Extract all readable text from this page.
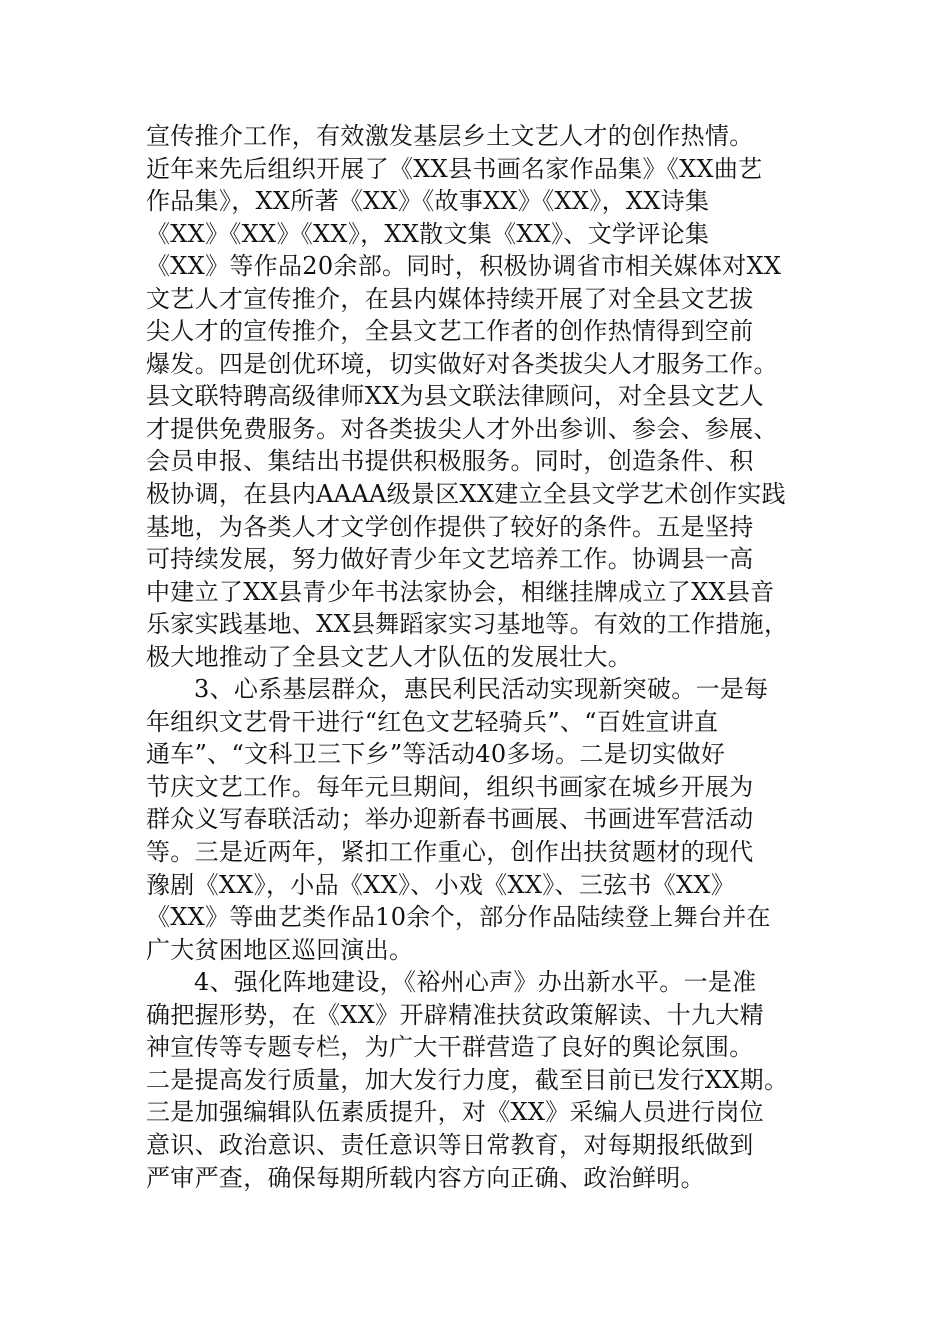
宣传推介工作，有效激发基层乡土文艺人才的创作热情。
近年来先后组织开展了《XX县书画名家作品集》《XX曲艺
作品集》，XX所著《XX》《故事XX》《XX》，XX诗集
《XX》《XX》《XX》，XX散文集《XX》、文学评论集
《XX》等作品20余部。同时，积极协调省市相关媒体对XX
文艺人才宣传推介，在县内媒体持续开展了对全县文艺拔
尖人才的宣传推介，全县文艺工作者的创作热情得到空前
爆发。四是创优环境，切实做好对各类拔尖人才服务工作。
县文联特聘高级律师XX为县文联法律顾问，对全县文艺人
才提供免费服务。对各类拔尖人才外出参训、参会、参展、
会员申报、集结出书提供积极服务。同时，创造条件、积
极协调，在县内AAAA级景区XX建立全县文学艺术创作实践
基地，为各类人才文学创作提供了较好的条件。五是坚持
可持续发展，努力做好青少年文艺培养工作。协调县一高
中建立了XX县青少年书法家协会，相继挂牌成立了XX县音
乐家实践基地、XX县舞蹈家实习基地等。有效的工作措施，
极大地推动了全县文艺人才队伍的发展壮大。
3、心系基层群众，惠民利民活动实现新突破。一是每
年组织文艺骨干进行“红色文艺轻骑兵”、“百姓宣讲直
通车”、“文科卫三下乡”等活动40多场。二是切实做好
节庆文艺工作。每年元旦期间，组织书画家在城乡开展为
群众义写春联活动；举办迎新春书画展、书画进军营活动
等。三是近两年，紧扣工作重心，创作出扶贫题材的现代
豫剧《XX》，小品《XX》、小戏《XX》、三弦书《XX》
《XX》等曲艺类作品10余个，部分作品陆续登上舞台并在
广大贫困地区巡回演出。
4、强化阵地建设，《裕州心声》办出新水平。一是准
确把握形势，在《XX》开辟精准扶贫政策解读、十九大精
神宣传等专题专栏，为广大干群营造了良好的舆论氛围。
二是提高发行质量，加大发行力度，截至目前已发行XX期。
三是加强编辑队伍素质提升，对《XX》采编人员进行岗位
意识、政治意识、责任意识等日常教育，对每期报纸做到
严审严查，确保每期所载内容方向正确、政治鲜明。
